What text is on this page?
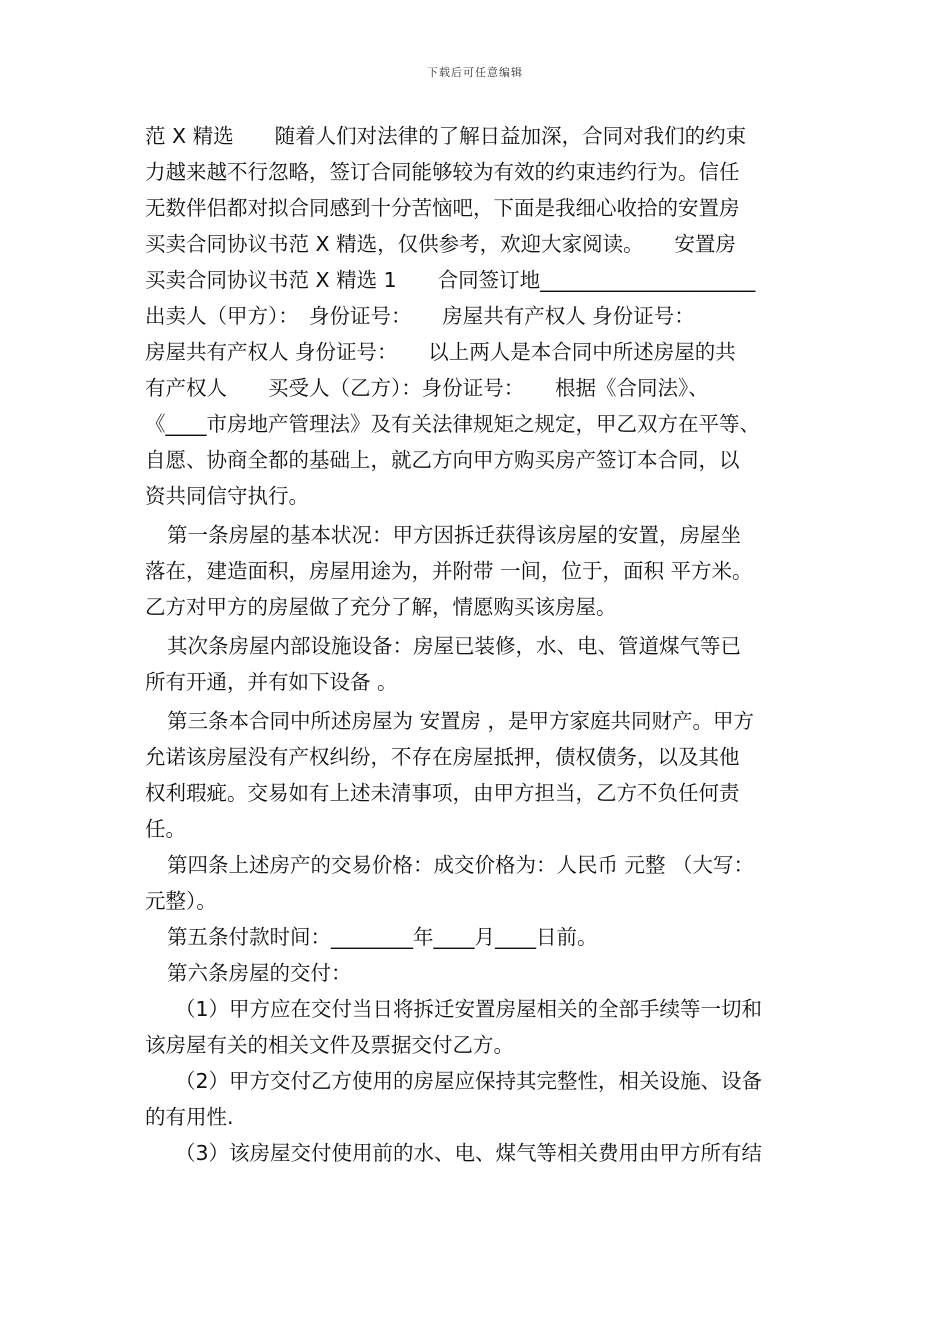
下载后可任意编辑
范 X 精选　　随着人们对法律的了解日益加深，合同对我们的约束
力越来越不行忽略，签订合同能够较为有效的约束违约行为。信任
无数伴侣都对拟合同感到十分苦恼吧，下面是我细心收拾的安置房
买卖合同协议书范 X 精选，仅供参考，欢迎大家阅读。　　安置房
买卖合同协议书范 X 精选 1　　合同签订地_____________________
出卖人（甲方）：　身份证号：　　房屋共有产权人 身份证号：
房屋共有产权人 身份证号：　　以上两人是本合同中所述房屋的共
有产权人　　买受人（乙方）：身份证号：　　根据《合同法》、
《____市房地产管理法》及有关法律规矩之规定，甲乙双方在平等、
自愿、协商全都的基础上，就乙方向甲方购买房产签订本合同，以
资共同信守执行。
第一条房屋的基本状况：甲方因拆迁获得该房屋的安置，房屋坐
落在，建造面积，房屋用途为，并附带 一间，位于，面积 平方米。
乙方对甲方的房屋做了充分了解，情愿购买该房屋。
其次条房屋内部设施设备：房屋已装修，水、电、管道煤气等已
所有开通，并有如下设备 。
第三条本合同中所述房屋为 安置房 ，是甲方家庭共同财产。甲方
允诺该房屋没有产权纠纷，不存在房屋抵押，债权债务，以及其他
权利瑕疵。交易如有上述未清事项，由甲方担当，乙方不负任何责
任。
第四条上述房产的交易价格：成交价格为：人民币 元整 （大写：
元整）。
第五条付款时间：________年____月____日前。
第六条房屋的交付：
（1）甲方应在交付当日将拆迁安置房屋相关的全部手续等一切和
该房屋有关的相关文件及票据交付乙方。
（2）甲方交付乙方使用的房屋应保持其完整性，相关设施、设备
的有用性.
（3）该房屋交付使用前的水、电、煤气等相关费用由甲方所有结
